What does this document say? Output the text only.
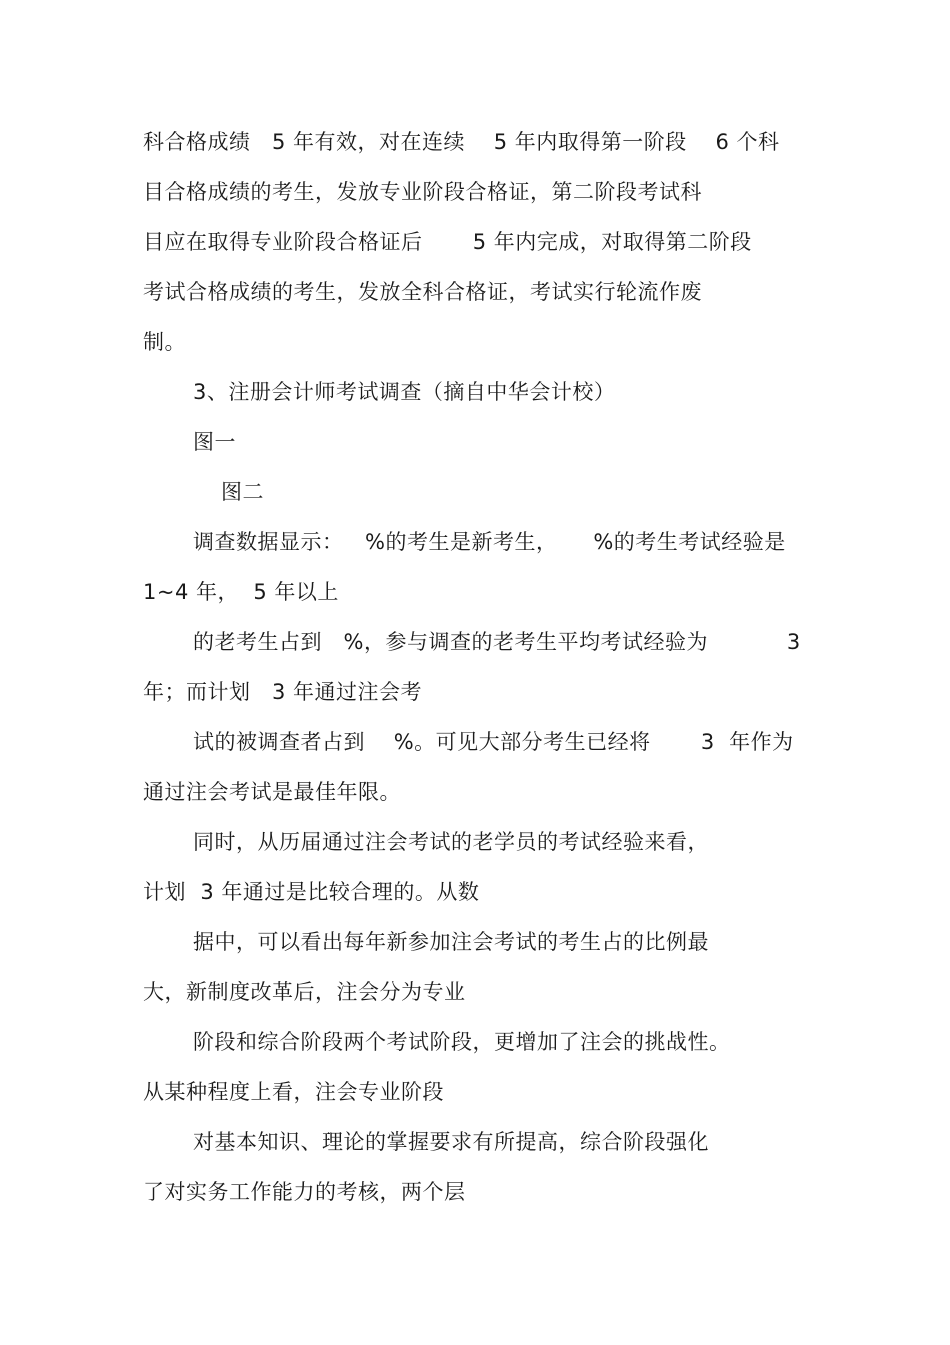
科合格成绩   5 年有效，对在连续    5 年内取得第一阶段    6 个科
目合格成绩的考生，发放专业阶段合格证，第二阶段考试科
目应在取得专业阶段合格证后       5 年内完成，对取得第二阶段
考试合格成绩的考生，发放全科合格证，考试实行轮流作废
制。
3、注册会计师考试调查（摘自中华会计校）
图一
图二
调查数据显示：   %的考生是新考生，     %的考生考试经验是
1~4 年，  5 年以上
的老考生占到   %，参与调查的老考生平均考试经验为           3
年；而计划   3 年通过注会考
试的被调查者占到    %。可见大部分考生已经将       3  年作为
通过注会考试是最佳年限。
同时，从历届通过注会考试的老学员的考试经验来看，
计划  3 年通过是比较合理的。从数
据中，可以看出每年新参加注会考试的考生占的比例最
大，新制度改革后，注会分为专业
阶段和综合阶段两个考试阶段，更增加了注会的挑战性。
从某种程度上看，注会专业阶段
对基本知识、理论的掌握要求有所提高，综合阶段强化
了对实务工作能力的考核，两个层
